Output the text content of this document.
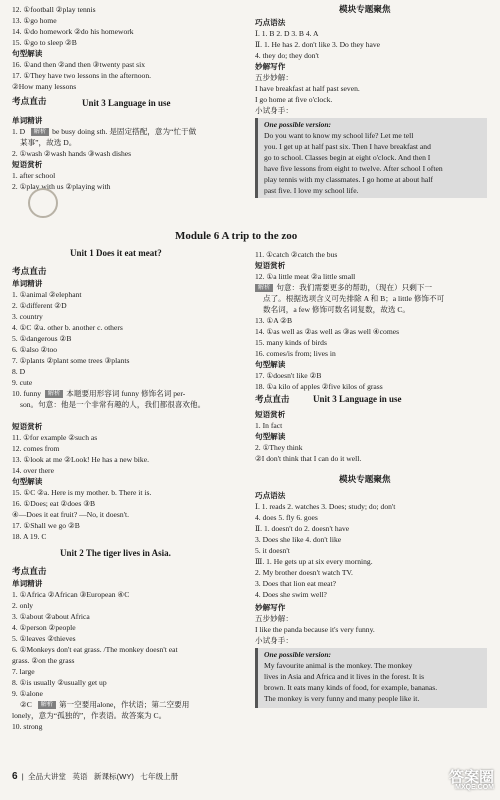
12. ①football ②play tennis
13. ①go home
14. ①do homework ②do his homework
15. ①go to sleep ②B
句型解读
16. ①and then ②and then ③twenty past six
17. ①They have two lessons in the afternoon.
②How many lessons
考点直击	Unit 3 Language in use
单词精讲
1. D 解析 be busy doing sth. 是固定搭配，意为“忙于做
某事”，故选 D。
2. ①wash ②wash hands ③wash dishes
短语赏析
1. after school
2. ①play with us ②playing with
Module 6 A trip to the zoo
Unit 1 Does it eat meat?
考点直击
单词精讲
1. ①animal ②elephant
2. ①different ②D
3. country
4. ①C ②a. other b. another c. others
5. ①dangerous ②B
6. ①also ②too
7. ①plants ②plant some trees ③plants
8. D
9. cute
10. funny 解析 本题要用形容词 funny 修饰名词 per-
son。句意：他是一个非常有趣的人，我们都很喜欢他。
短语赏析
11. ①for example ②such as
12. comes from
13. ①look at me ②Look! He has a new bike.
14. over there
句型解读
15. ①C ②a. Here is my mother. b. There it is.
16. ①Does; eat ②does ③B
④—Does it eat fruit? —No, it doesn't.
17. ①Shall we go ②B
18. A 19. C
Unit 2 The tiger lives in Asia.
考点直击
单词精讲
1. ①Africa ②African ③European ④C
2. only
3. ①about ②about Africa
4. ①person ②people
5. ①leaves ②thieves
6. ①Monkeys don't eat grass. /The monkey doesn't eat
grass. ②on the grass
7. large
8. ①is usually ②usually get up
9. ①alone
②C 解析 第一空要用alone，作状语；第二空要用
lonely，意为“孤独的”，作表语。故答案为 C。
10. strong
模块专题聚焦
巧点语法
Ⅰ. 1. B 2. D 3. B 4. A
Ⅱ. 1. He has 2. don't like 3. Do they have
4. they do; they don't
妙解写作
五步妙解：
I have breakfast at half past seven.
I go home at five o'clock.
小试身手：
One possible version:
Do you want to know my school life? Let me tell
you. I get up at half past six. Then I have breakfast and
go to school. Classes begin at eight o'clock. And then I
have five lessons from eight to twelve. After school I often
play tennis with my classmates. I go home at about half
past five. I love my school life.
11. ①catch ②catch the bus
短语赏析
12. ①a little meat ②a little small
解析 句意：我们需要更多的帮助，（现在）只剩下一
点了。根据选项含义可先排除 A 和 B；a little 修饰不可
数名词，a few 修饰可数名词复数，故选 C。
13. ①A ②B
14. ①as well as ②as well as ③as well ④comes
15. many kinds of birds
16. comes/is from; lives in
句型解读
17. ①doesn't like ②B
18. ①a kilo of apples ②five kilos of grass
考点直击	Unit 3 Language in use
短语赏析
1. In fact
句型解读
2. ①They think
②I don't think that I can do it well.
模块专题聚焦
巧点语法
Ⅰ. 1. reads 2. watches 3. Does; study; do; don't
4. does 5. fly 6. goes
Ⅱ. 1. doesn't do 2. doesn't have
3. Does she like 4. don't like
5. it doesn't
Ⅲ. 1. He gets up at six every morning.
2. My brother doesn't watch TV.
3. Does that lion eat meat?
4. Does she swim well?
妙解写作
五步妙解：
I like the panda because it's very funny.
小试身手：
One possible version:
My favourite animal is the monkey. The monkey
lives in Asia and Africa and it lives in the forest. It is
brown. It eats many kinds of food, for example, bananas.
The monkey is very funny and many people like it.
6  |  全品大讲堂 英语 新课标(WY) 七年级上册	答案圈
MXQE.COM
